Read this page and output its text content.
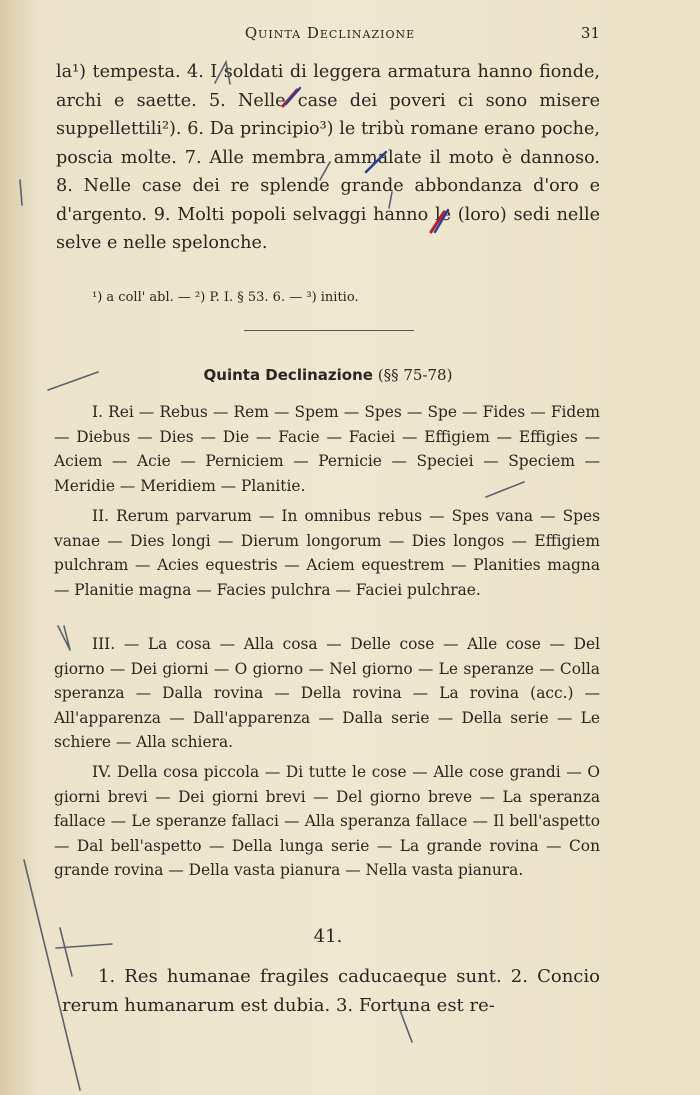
Quinta Declinazione	31

la¹) tempesta. 4. I soldati di leggera armatura hanno fionde, archi e saette. 5. Nelle case dei poveri ci sono misere suppellettili²). 6. Da principio³) le tribù romane erano poche, poscia molte. 7. Alle membra ammalate il moto è dannoso. 8. Nelle case dei re splende grande abbondanza d'oro e d'argento. 9. Molti popoli selvaggi hanno le (loro) sedi nelle selve e nelle spelonche.

¹) a coll' abl. — ²) P. I. § 53. 6. — ³) initio.
Quinta Declinazione (§§ 75-78)

I. Rei — Rebus — Rem — Spem — Spes — Spe — Fides — Fidem — Diebus — Dies — Die — Facie — Faciei — Effigiem — Effigies — Aciem — Acie — Perniciem — Pernicie — Speciei — Speciem — Meridie — Meridiem — Planitie.

II. Rerum parvarum — In omnibus rebus — Spes vana — Spes vanae — Dies longi — Dierum longorum — Dies longos — Effigiem pulchram — Acies equestris — Aciem equestrem — Planities magna — Planitie magna — Facies pulchra — Faciei pulchrae.

III. — La cosa — Alla cosa — Delle cose — Alle cose — Del giorno — Dei giorni — O giorno — Nel giorno — Le speranze — Colla speranza — Dalla rovina — Della rovina — La rovina (acc.) — All'apparenza — Dall'apparenza — Dalla serie — Della serie — Le schiere — Alla schiera.

IV. Della cosa piccola — Di tutte le cose — Alle cose grandi — O giorni brevi — Dei giorni brevi — Del giorno breve — La speranza fallace — Le speranze fallaci — Alla speranza fallace — Il bell'aspetto — Dal bell'aspetto — Della lunga serie — La grande rovina — Con grande rovina — Della vasta pianura — Nella vasta pianura.

41.

1. Res humanae fragiles caducaeque sunt. 2. Concio rerum humanarum est dubia. 3. Fortuna est re-
